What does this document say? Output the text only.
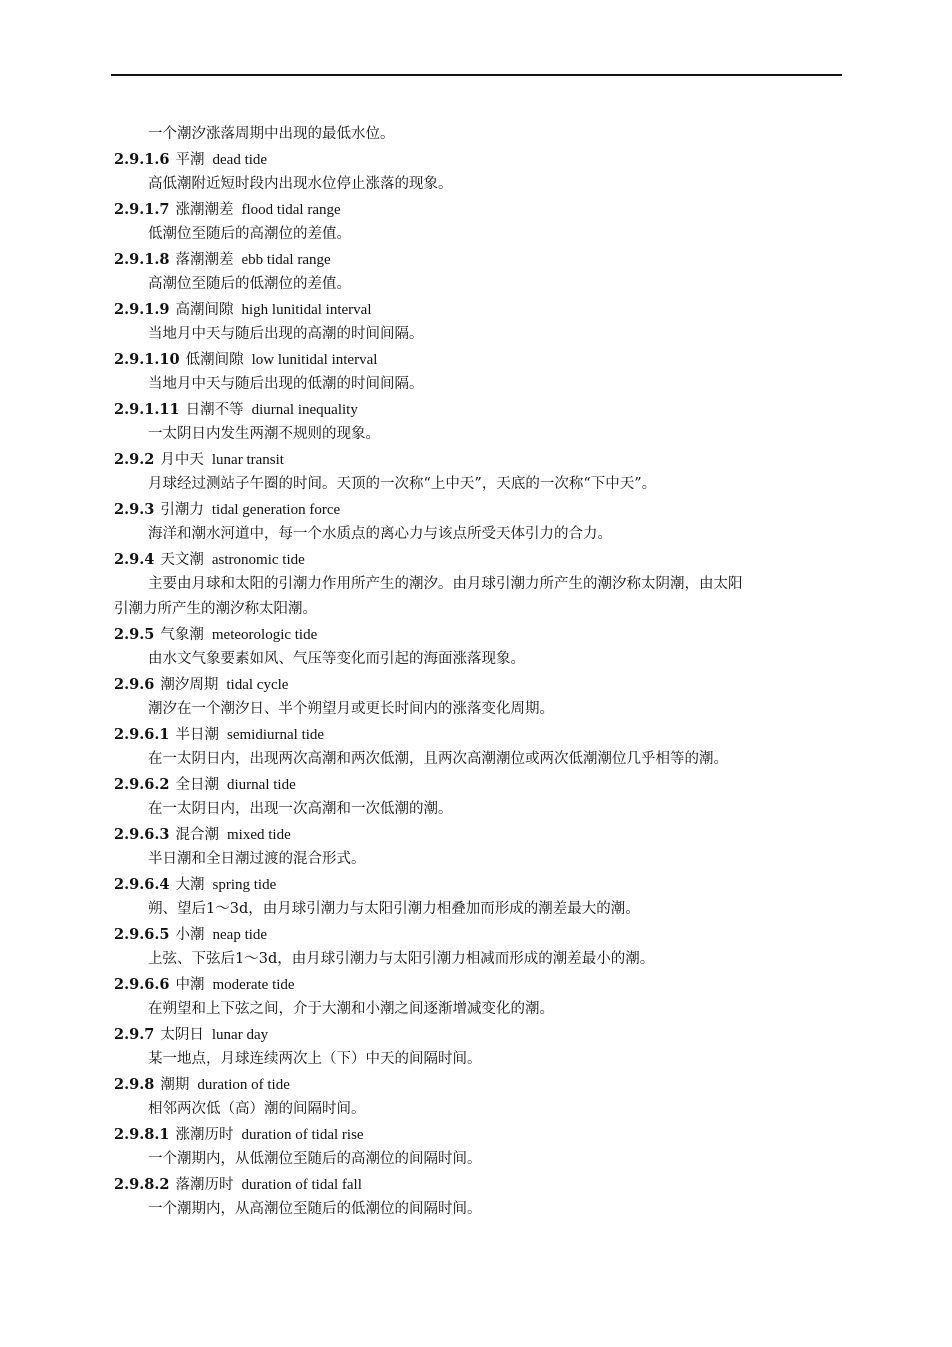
一个潮汐涨落周期中出现的最低水位。
2.9.1.6 平潮 dead tide
高低潮附近短时段内出现水位停止涨落的现象。
2.9.1.7 涨潮潮差 flood tidal range
低潮位至随后的高潮位的差值。
2.9.1.8 落潮潮差 ebb tidal range
高潮位至随后的低潮位的差值。
2.9.1.9 高潮间隙 high lunitidal interval
当地月中天与随后出现的高潮的时间间隔。
2.9.1.10 低潮间隙 low lunitidal interval
当地月中天与随后出现的低潮的时间间隔。
2.9.1.11 日潮不等 diurnal inequality
一太阴日内发生两潮不规则的现象。
2.9.2 月中天 lunar transit
月球经过测站子午圈的时间。天顶的一次称“上中天”，天底的一次称“下中天”。
2.9.3 引潮力 tidal generation force
海洋和潮水河道中，每一个水质点的离心力与该点所受天体引力的合力。
2.9.4 天文潮 astronomic tide
主要由月球和太阳的引潮力作用所产生的潮汐。由月球引潮力所产生的潮汐称太阴潮，由太阳
引潮力所产生的潮汐称太阳潮。
2.9.5 气象潮 meteorologic tide
由水文气象要素如风、气压等变化而引起的海面涨落现象。
2.9.6 潮汐周期 tidal cycle
潮汐在一个潮汐日、半个朔望月或更长时间内的涨落变化周期。
2.9.6.1 半日潮 semidiurnal tide
在一太阴日内，出现两次高潮和两次低潮，且两次高潮潮位或两次低潮潮位几乎相等的潮。
2.9.6.2 全日潮 diurnal tide
在一太阴日内，出现一次高潮和一次低潮的潮。
2.9.6.3 混合潮 mixed tide
半日潮和全日潮过渡的混合形式。
2.9.6.4 大潮 spring tide
朔、望后1～3d，由月球引潮力与太阳引潮力相叠加而形成的潮差最大的潮。
2.9.6.5 小潮 neap tide
上弦、下弦后1～3d，由月球引潮力与太阳引潮力相减而形成的潮差最小的潮。
2.9.6.6 中潮 moderate tide
在朔望和上下弦之间，介于大潮和小潮之间逐渐增减变化的潮。
2.9.7 太阴日 lunar day
某一地点，月球连续两次上（下）中天的间隔时间。
2.9.8 潮期 duration of tide
相邻两次低（高）潮的间隔时间。
2.9.8.1 涨潮历时 duration of tidal rise
一个潮期内，从低潮位至随后的高潮位的间隔时间。
2.9.8.2 落潮历时 duration of tidal fall
一个潮期内，从高潮位至随后的低潮位的间隔时间。
